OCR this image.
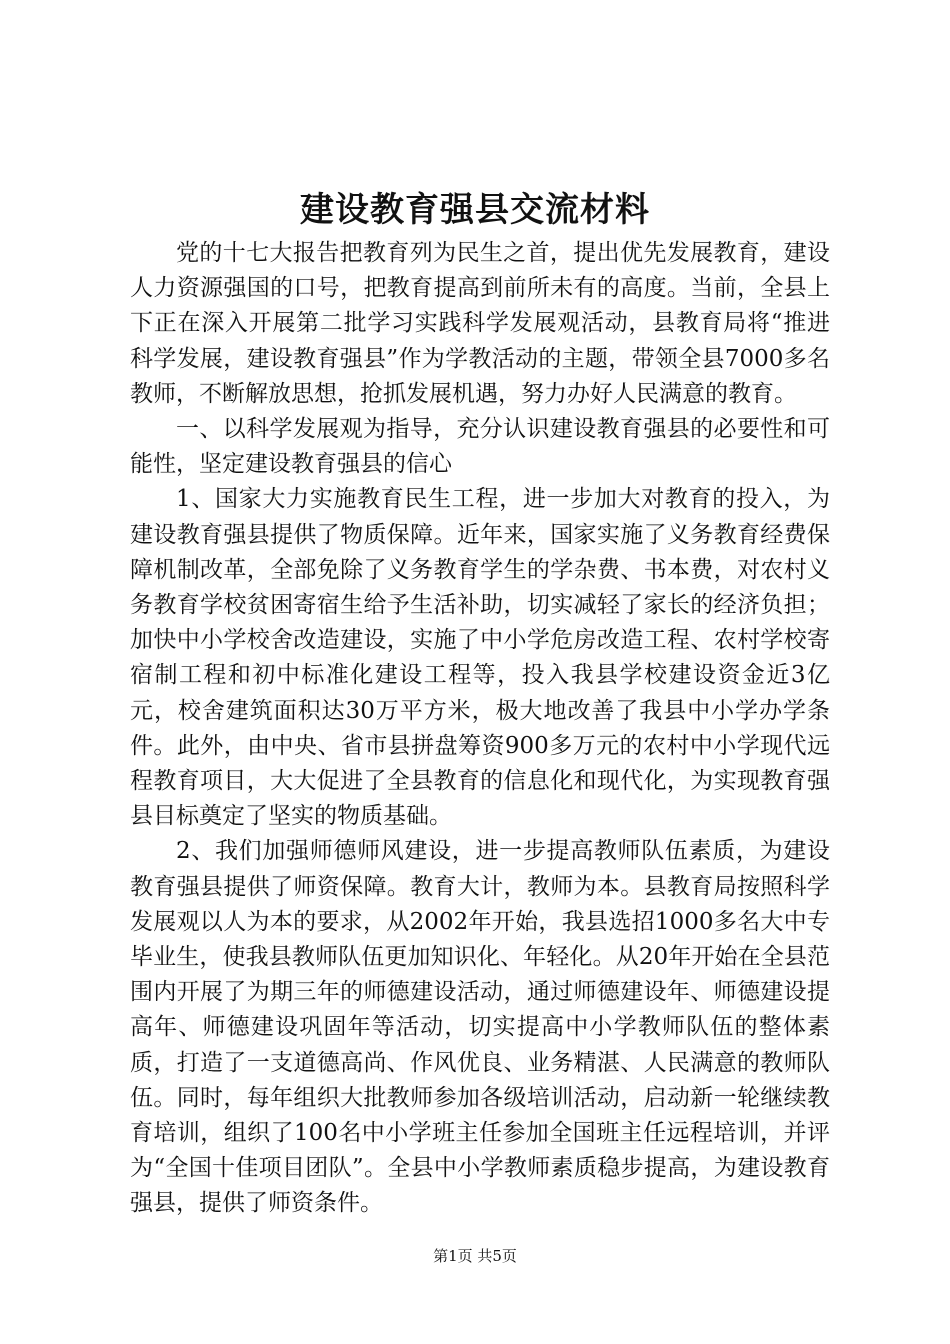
建设教育强县交流材料

党的十七大报告把教育列为民生之首，提出优先发展教育，建设人力资源强国的口号，把教育提高到前所未有的高度。当前，全县上下正在深入开展第二批学习实践科学发展观活动，县教育局将“推进科学发展，建设教育强县”作为学教活动的主题，带领全县7000多名教师，不断解放思想，抢抓发展机遇，努力办好人民满意的教育。

一、以科学发展观为指导，充分认识建设教育强县的必要性和可能性，坚定建设教育强县的信心

1、国家大力实施教育民生工程，进一步加大对教育的投入，为建设教育强县提供了物质保障。近年来，国家实施了义务教育经费保障机制改革，全部免除了义务教育学生的学杂费、书本费，对农村义务教育学校贫困寄宿生给予生活补助，切实减轻了家长的经济负担；加快中小学校舍改造建设，实施了中小学危房改造工程、农村学校寄宿制工程和初中标准化建设工程等，投入我县学校建设资金近3亿元，校舍建筑面积达30万平方米，极大地改善了我县中小学办学条件。此外，由中央、省市县拼盘筹资900多万元的农村中小学现代远程教育项目，大大促进了全县教育的信息化和现代化，为实现教育强县目标奠定了坚实的物质基础。

2、我们加强师德师风建设，进一步提高教师队伍素质，为建设教育强县提供了师资保障。教育大计，教师为本。县教育局按照科学发展观以人为本的要求，从2002年开始，我县选招1000多名大中专毕业生，使我县教师队伍更加知识化、年轻化。从20年开始在全县范围内开展了为期三年的师德建设活动，通过师德建设年、师德建设提高年、师德建设巩固年等活动，切实提高中小学教师队伍的整体素质，打造了一支道德高尚、作风优良、业务精湛、人民满意的教师队伍。同时，每年组织大批教师参加各级培训活动，启动新一轮继续教育培训，组织了100名中小学班主任参加全国班主任远程培训，并评为“全国十佳项目团队”。全县中小学教师素质稳步提高，为建设教育强县，提供了师资条件。

第1页 共5页
